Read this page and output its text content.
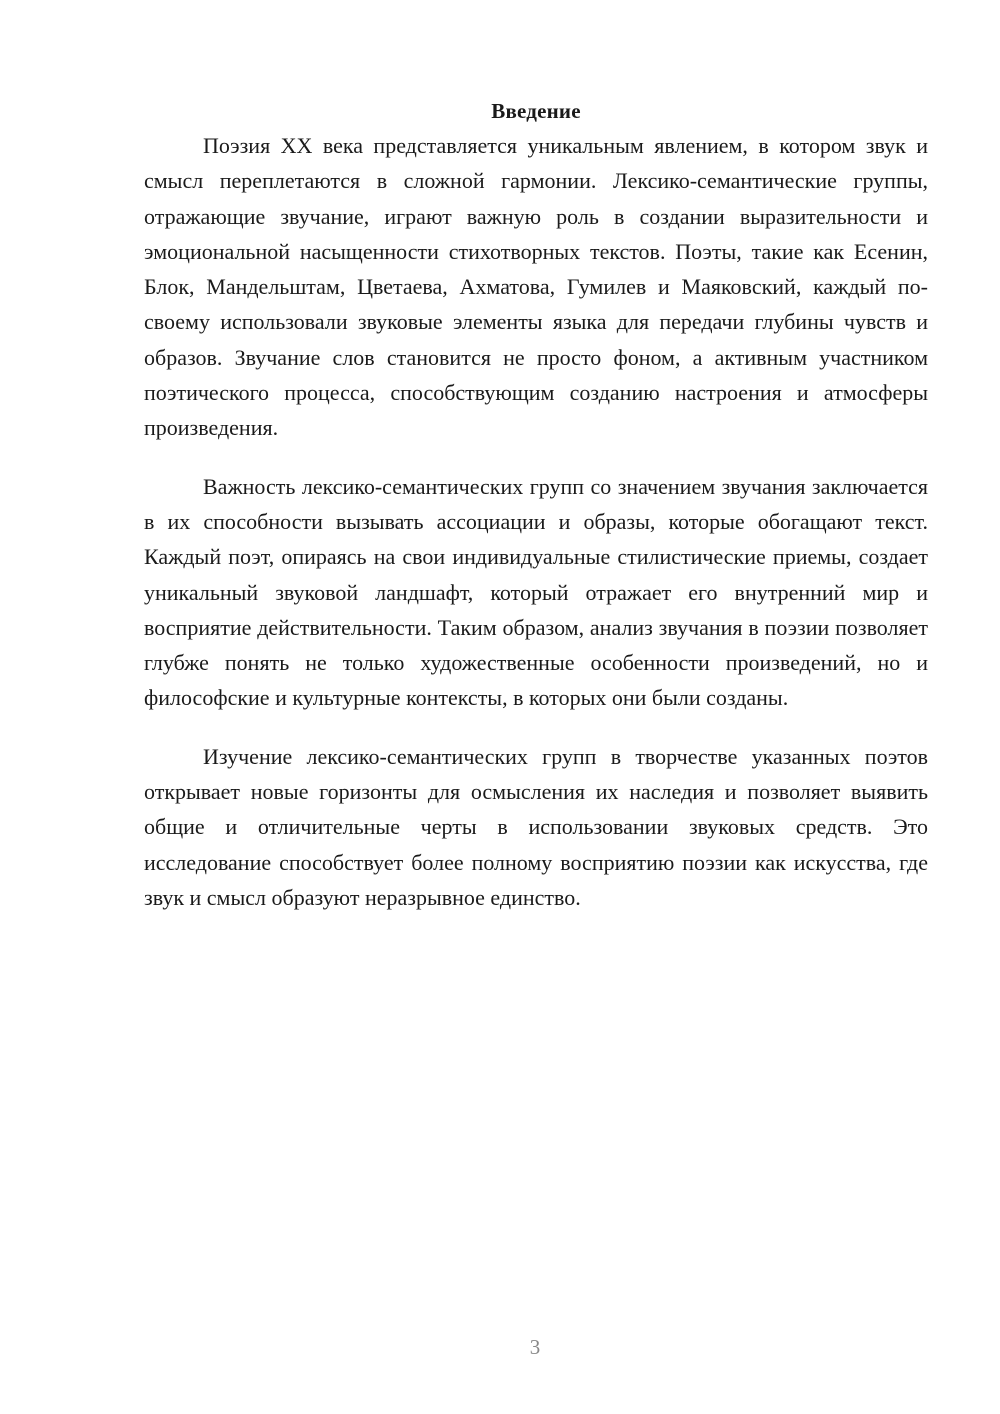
Введение

Поэзия XX века представляется уникальным явлением, в котором звук и смысл переплетаются в сложной гармонии. Лексико-семантические группы, отражающие звучание, играют важную роль в создании выразительности и эмоциональной насыщенности стихотворных текстов. Поэты, такие как Есенин, Блок, Мандельштам, Цветаева, Ахматова, Гумилев и Маяковский, каждый по-своему использовали звуковые элементы языка для передачи глубины чувств и образов. Звучание слов становится не просто фоном, а активным участником поэтического процесса, способствующим созданию настроения и атмосферы произведения.

Важность лексико-семантических групп со значением звучания заключается в их способности вызывать ассоциации и образы, которые обогащают текст. Каждый поэт, опираясь на свои индивидуальные стилистические приемы, создает уникальный звуковой ландшафт, который отражает его внутренний мир и восприятие действительности. Таким образом, анализ звучания в поэзии позволяет глубже понять не только художественные особенности произведений, но и философские и культурные контексты, в которых они были созданы.

Изучение лексико-семантических групп в творчестве указанных поэтов открывает новые горизонты для осмысления их наследия и позволяет выявить общие и отличительные черты в использовании звуковых средств. Это исследование способствует более полному восприятию поэзии как искусства, где звук и смысл образуют неразрывное единство.

3
